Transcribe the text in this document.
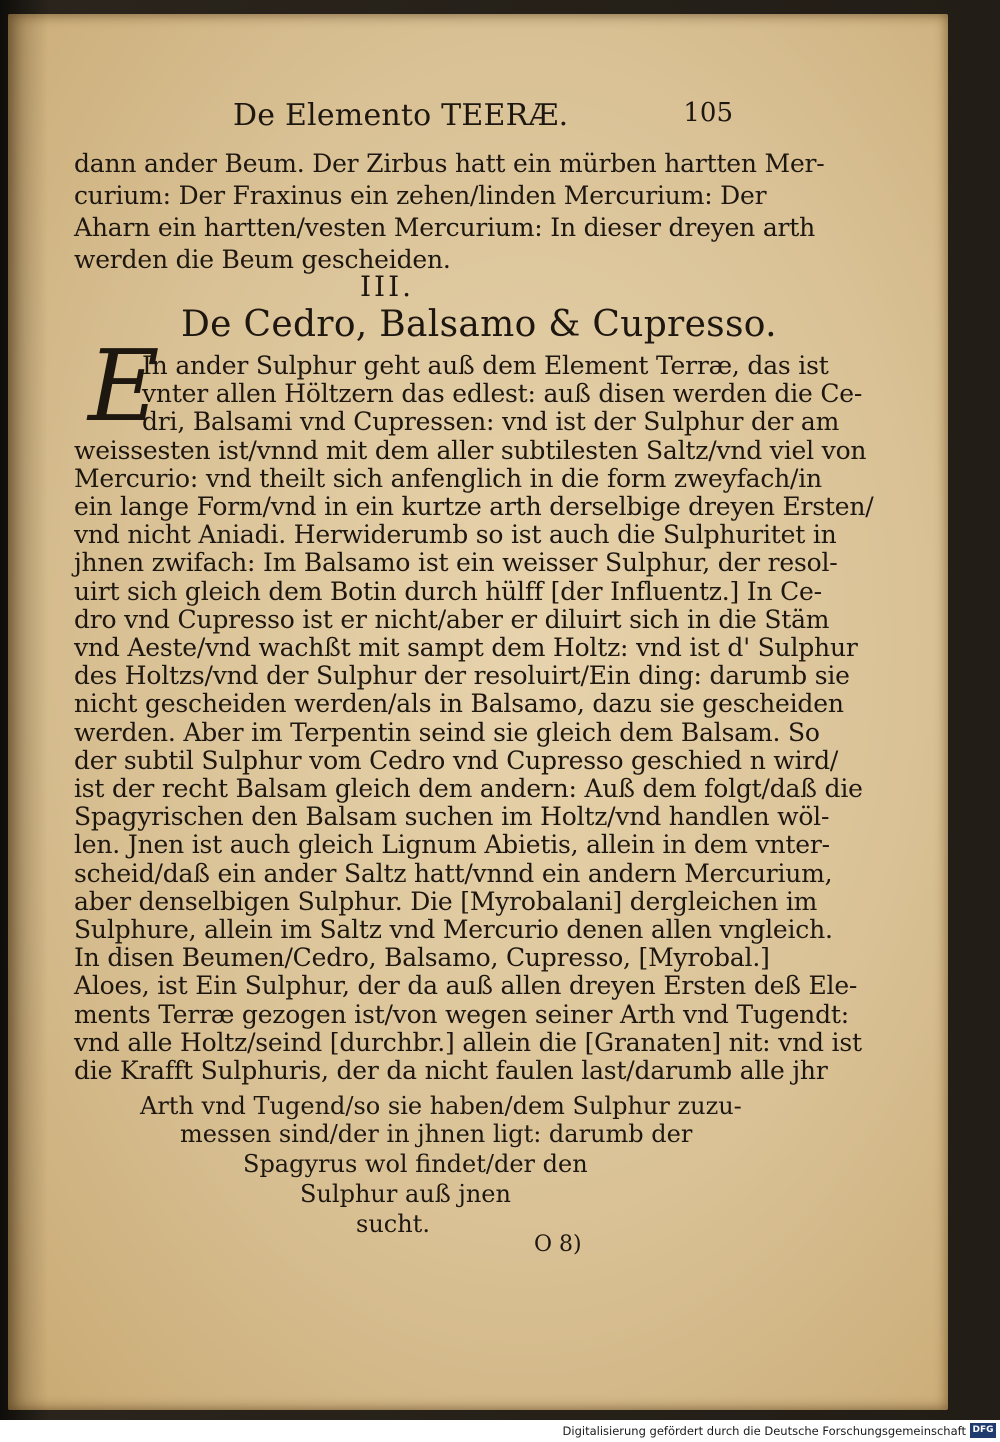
De Elemento TEERÆ.	105
dann ander Beum. Der Zirbus hatt ein mürben hartten Mer-
curium: Der Fraxinus ein zehen/linden Mercurium: Der
Aharn ein hartten/vesten Mercurium: In dieser dreyen arth
werden die Beum gescheiden.
III.
De Cedro, Balsamo & Cupresso.
E
In ander Sulphur geht auß dem Element Terræ, das ist
vnter allen Höltzern das edlest: auß disen werden die Ce-
dri, Balsami vnd Cupressen: vnd ist der Sulphur der am
weissesten ist/vnnd mit dem aller subtilesten Saltz/vnd viel von
Mercurio: vnd theilt sich anfenglich in die form zweyfach/in
ein lange Form/vnd in ein kurtze arth derselbige dreyen Ersten/
vnd nicht Aniadi. Herwiderumb so ist auch die Sulphuritet in
jhnen zwifach: Im Balsamo ist ein weisser Sulphur, der resol-
uirt sich gleich dem Botin durch hülff [der Influentz.] In Ce-
dro vnd Cupresso ist er nicht/aber er diluirt sich in die Stäm
vnd Aeste/vnd wachßt mit sampt dem Holtz: vnd ist d' Sulphur
des Holtzs/vnd der Sulphur der resoluirt/Ein ding: darumb sie
nicht gescheiden werden/als in Balsamo, dazu sie gescheiden
werden. Aber im Terpentin seind sie gleich dem Balsam. So
der subtil Sulphur vom Cedro vnd Cupresso geschied n wird/
ist der recht Balsam gleich dem andern: Auß dem folgt/daß die
Spagyrischen den Balsam suchen im Holtz/vnd handlen wöl-
len. Jnen ist auch gleich Lignum Abietis, allein in dem vnter-
scheid/daß ein ander Saltz hatt/vnnd ein andern Mercurium,
aber denselbigen Sulphur. Die [Myrobalani] dergleichen im
Sulphure, allein im Saltz vnd Mercurio denen allen vngleich.
In disen Beumen/Cedro, Balsamo, Cupresso, [Myrobal.]
Aloes, ist Ein Sulphur, der da auß allen dreyen Ersten deß Ele-
ments Terræ gezogen ist/von wegen seiner Arth vnd Tugendt:
vnd alle Holtz/seind [durchbr.] allein die [Granaten] nit: vnd ist
die Krafft Sulphuris, der da nicht faulen last/darumb alle jhr
Arth vnd Tugend/so sie haben/dem Sulphur zuzu-
messen sind/der in jhnen ligt: darumb der
Spagyrus wol findet/der den
Sulphur auß jnen
sucht.
O 8)
Digitalisierung gefördert durch die Deutsche Forschungsgemeinschaft DFG
